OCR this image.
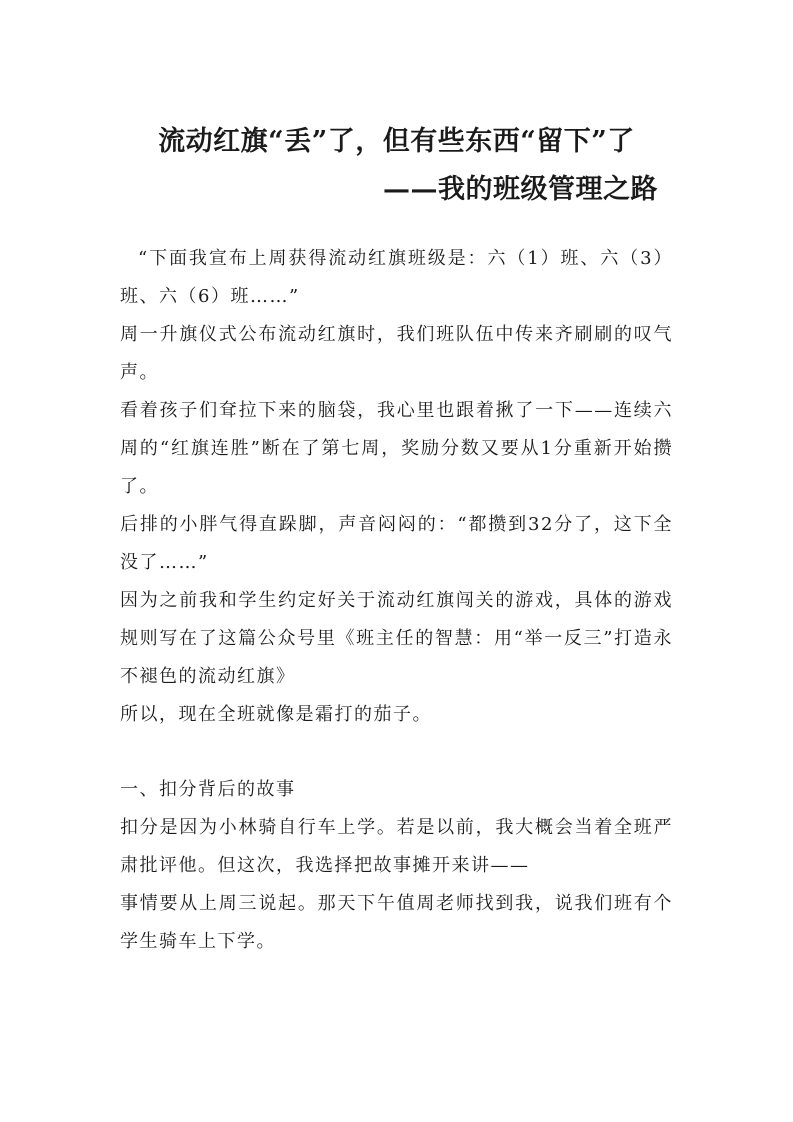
流动红旗“丢”了，但有些东西“留下”了
——我的班级管理之路

“下面我宣布上周获得流动红旗班级是：六（1）班、六（3）班、六（6）班……”

周一升旗仪式公布流动红旗时，我们班队伍中传来齐刷刷的叹气声。

看着孩子们耷拉下来的脑袋，我心里也跟着揪了一下——连续六周的“红旗连胜”断在了第七周，奖励分数又要从1分重新开始攒了。

后排的小胖气得直跺脚，声音闷闷的：“都攒到32分了，这下全没了……”

因为之前我和学生约定好关于流动红旗闯关的游戏，具体的游戏规则写在了这篇公众号里《班主任的智慧：用“举一反三”打造永不褪色的流动红旗》

所以，现在全班就像是霜打的茄子。

一、扣分背后的故事

扣分是因为小林骑自行车上学。若是以前，我大概会当着全班严肃批评他。但这次，我选择把故事摊开来讲——

事情要从上周三说起。那天下午值周老师找到我，说我们班有个学生骑车上下学。
